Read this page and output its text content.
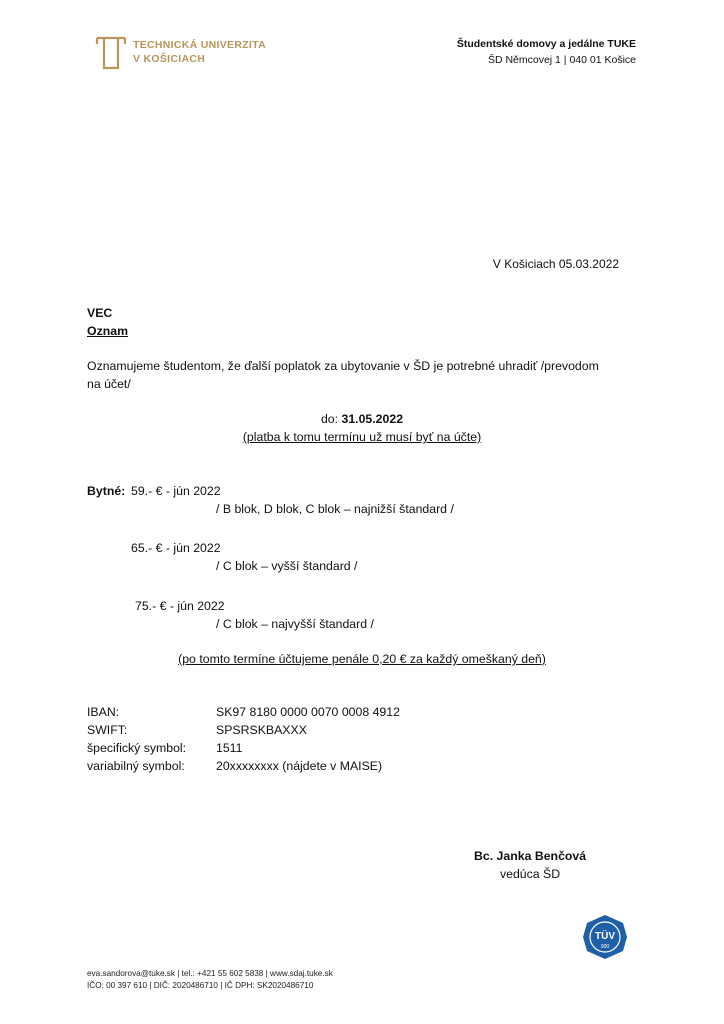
TECHNICKÁ UNIVERZITA
V KOŠICIACH
Študentské domovy a jedálne TUKE
ŠD Němcovej 1 | 040 01 Košice
V Košiciach 05.03.2022
VEC
Oznam
Oznamujeme študentom, že ďalší poplatok za ubytovanie v ŠD je potrebné uhradiť /prevodom
na účet/
do: 31.05.2022
(platba k tomu termínu už musí byť na účte)
Bytné: 59.- € - jún 2022
/ B blok, D blok, C blok – najnižší štandard /
65.- € - jún 2022
/ C blok – vyšší štandard /
75.- € - jún 2022
/ C blok – najvyšší štandard /
(po tomto termíne účtujeme penále 0,20 € za každý omeškaný deň)
IBAN:	SK97 8180 0000 0070 0008 4912
SWIFT:	SPSRSKBAXXX
špecifický symbol: 1511
variabilný symbol:	20xxxxxxxx (nájdete v MAISE)
Bc. Janka Benčová
vedúca ŠD
TÜV
900
eva.sandorova@tuke.sk | tel.: +421 55 602 5838 | www.sdaj.tuke.sk
IČO: 00 397 610 | DIČ: 2020486710 | IČ DPH: SK2020486710
